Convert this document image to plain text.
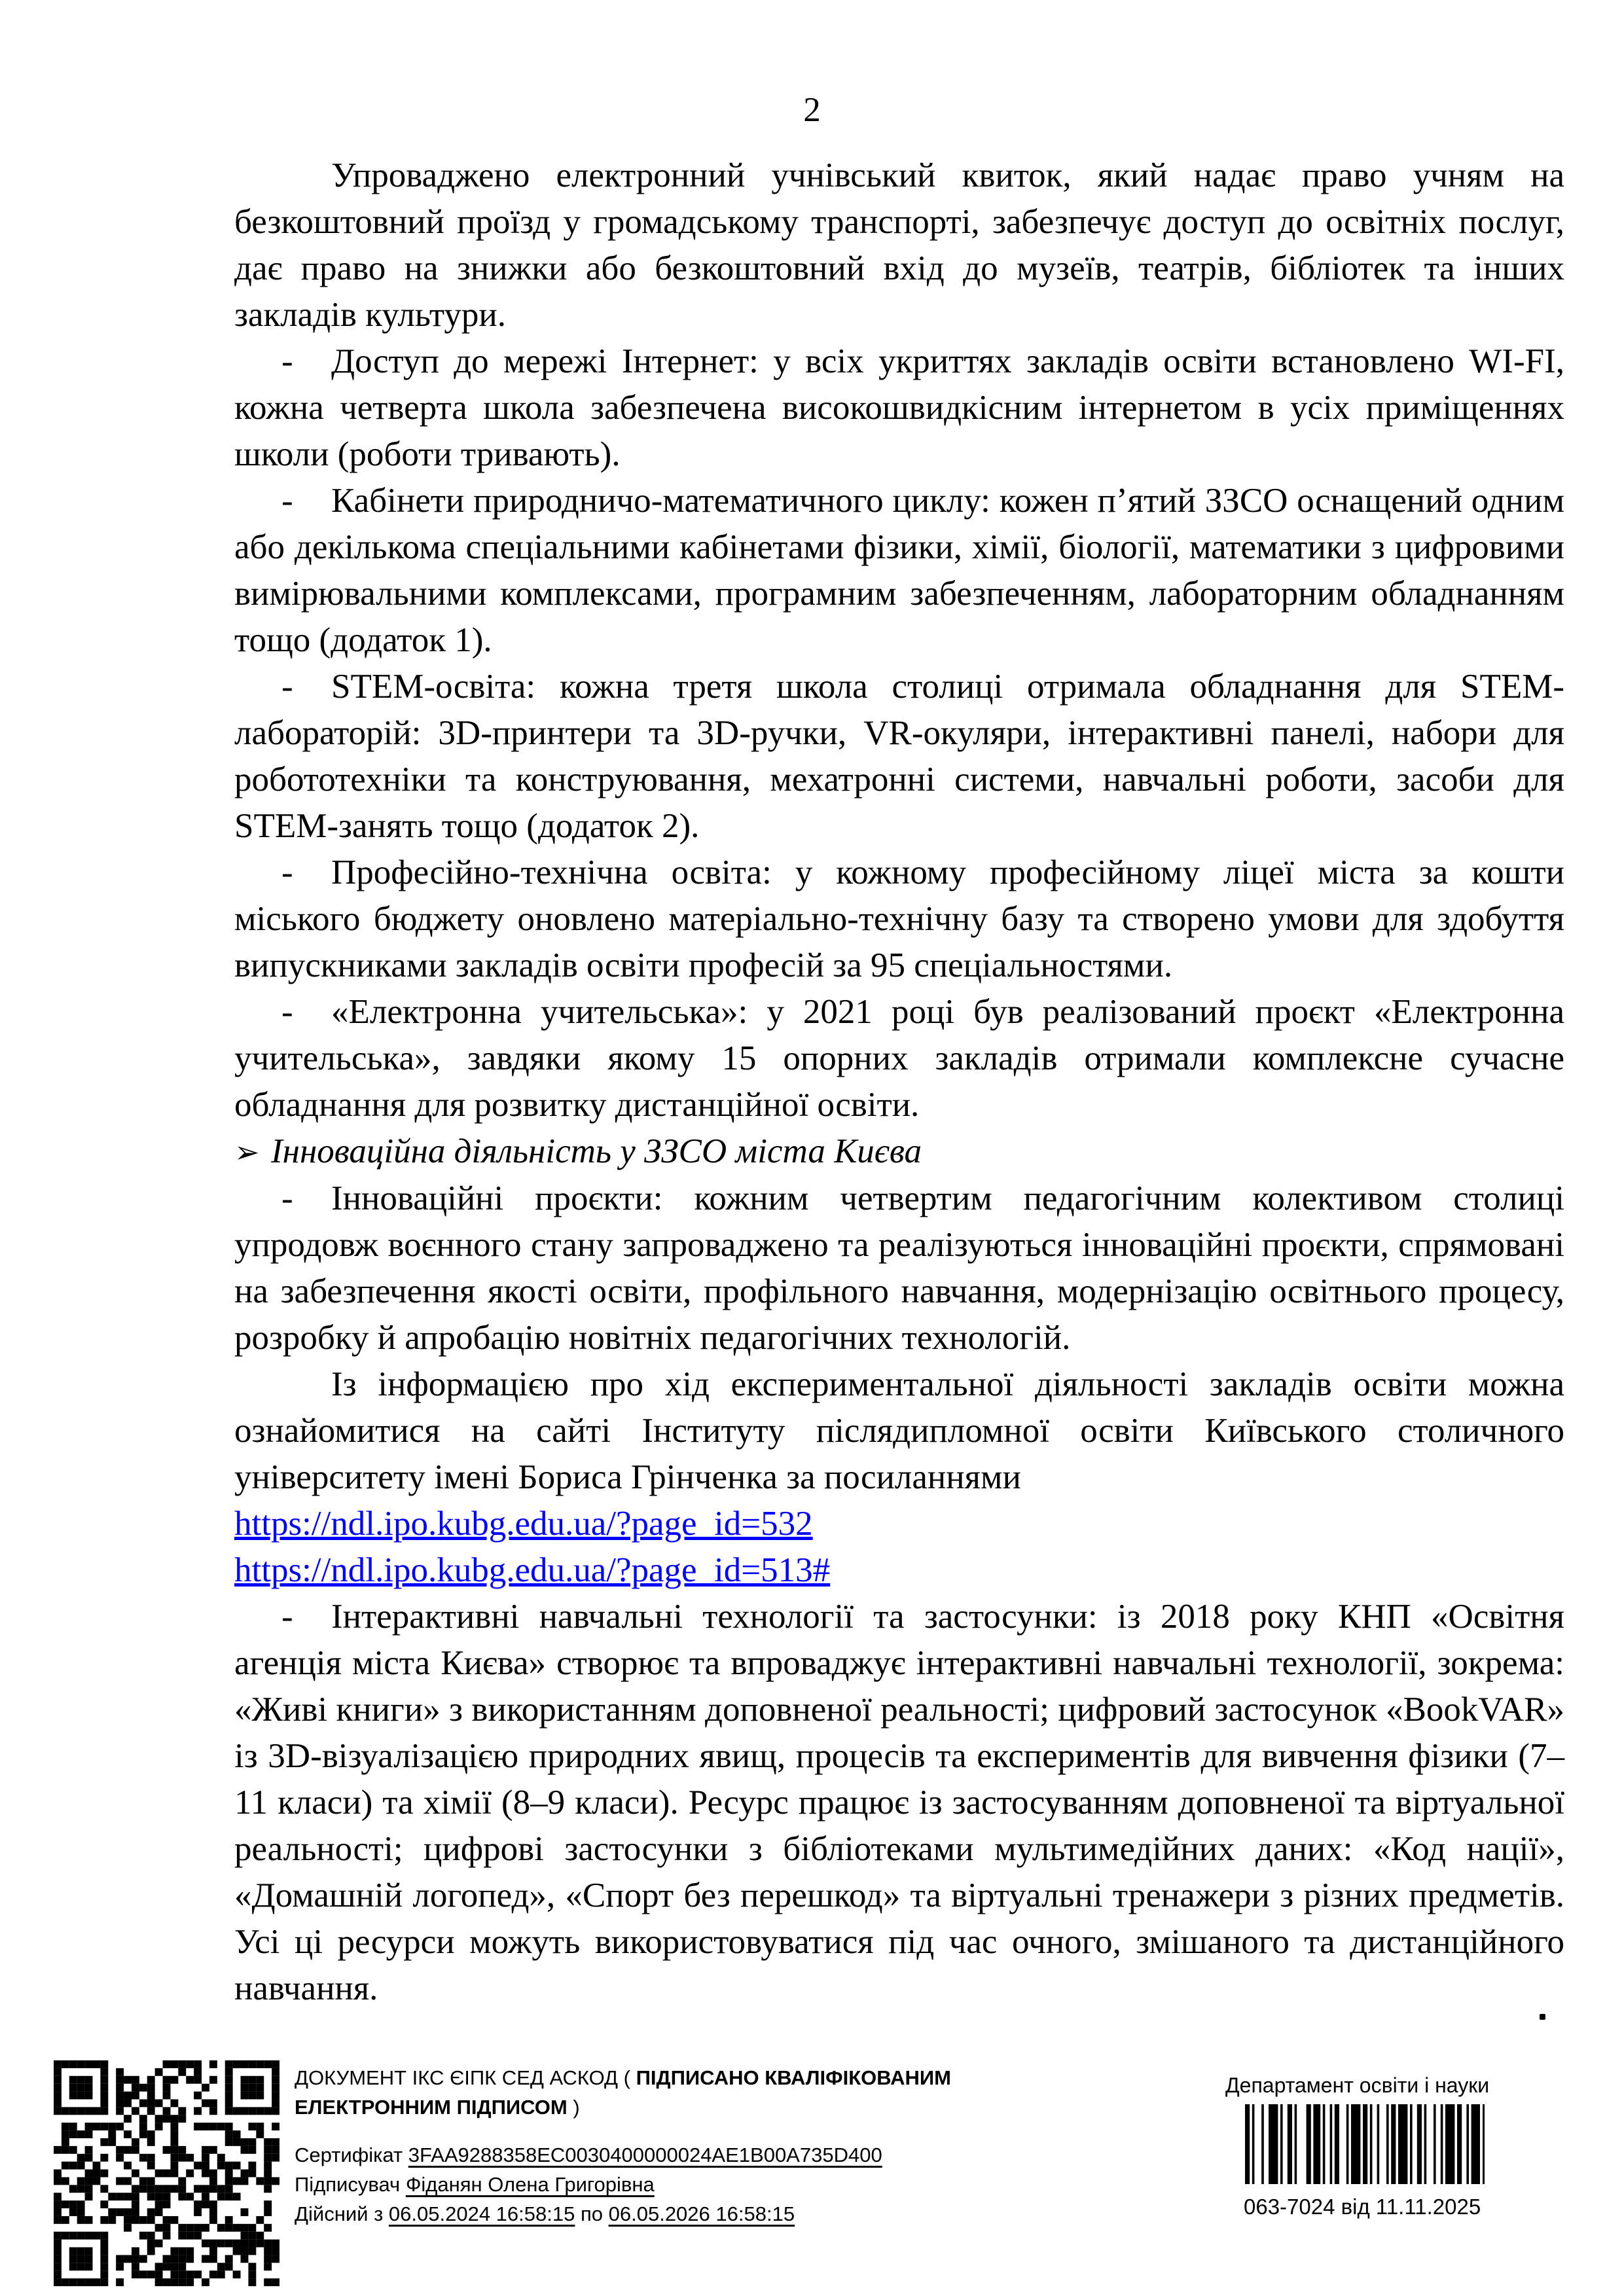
2

Упроваджено електронний учнівський квиток, який надає право учням на безкоштовний проїзд у громадському транспорті, забезпечує доступ до освітніх послуг, дає право на знижки або безкоштовний вхід до музеїв, театрів, бібліотек та інших закладів культури.

- Доступ до мережі Інтернет: у всіх укриттях закладів освіти встановлено WI-FI, кожна четверта школа забезпечена високошвидкісним інтернетом в усіх приміщеннях школи (роботи тривають).

- Кабінети природничо-математичного циклу: кожен п’ятий ЗЗСО оснащений одним або декількома спеціальними кабінетами фізики, хімії, біології, математики з цифровими вимірювальними комплексами, програмним забезпеченням, лабораторним обладнанням тощо (додаток 1).

- STEM-освіта: кожна третя школа столиці отримала обладнання для STEM-лабораторій: 3D-принтери та 3D-ручки, VR-окуляри, інтерактивні панелі, набори для робототехніки та конструювання, мехатронні системи, навчальні роботи, засоби для STEM-занять тощо (додаток 2).

- Професійно-технічна освіта: у кожному професійному ліцеї міста за кошти міського бюджету оновлено матеріально-технічну базу та створено умови для здобуття випускниками закладів освіти професій за 95 спеціальностями.

- «Електронна учительська»: у 2021 році був реалізований проєкт «Електронна учительська», завдяки якому 15 опорних закладів отримали комплексне сучасне обладнання для розвитку дистанційної освіти.

➢ Інноваційна діяльність у ЗЗСО міста Києва

- Інноваційні проєкти: кожним четвертим педагогічним колективом столиці упродовж воєнного стану запроваджено та реалізуються інноваційні проєкти, спрямовані на забезпечення якості освіти, профільного навчання, модернізацію освітнього процесу, розробку й апробацію новітніх педагогічних технологій.

Із інформацією про хід експериментальної діяльності закладів освіти можна ознайомитися на сайті Інституту післядипломної освіти Київського столичного університету імені Бориса Грінченка за посиланнями

https://ndl.ipo.kubg.edu.ua/?page_id=532

https://ndl.ipo.kubg.edu.ua/?page_id=513#

- Інтерактивні навчальні технології та застосунки: із 2018 року КНП «Освітня агенція міста Києва» створює та впроваджує інтерактивні навчальні технології, зокрема: «Живі книги» з використанням доповненої реальності; цифровий застосунок «BookVAR» із 3D-візуалізацією природних явищ, процесів та експериментів для вивчення фізики (7–11 класи) та хімії (8–9 класи). Ресурс працює із застосуванням доповненої та віртуальної реальності; цифрові застосунки з бібліотеками мультимедійних даних: «Код нації», «Домашній логопед», «Спорт без перешкод» та віртуальні тренажери з різних предметів. Усі ці ресурси можуть використовуватися під час очного, змішаного та дистанційного навчання.

ДОКУМЕНТ ІКС ЄІПК СЕД АСКОД ( ПІДПИСАНО КВАЛІФІКОВАНИМ ЕЛЕКТРОННИМ ПІДПИСОМ )
Сертифікат 3FAA9288358EC0030400000024AE1B00A735D400
Підписувач Фіданян Олена Григорівна
Дійсний з 06.05.2024 16:58:15 по 06.05.2026 16:58:15
Департамент освіти і науки
063-7024 від 11.11.2025
